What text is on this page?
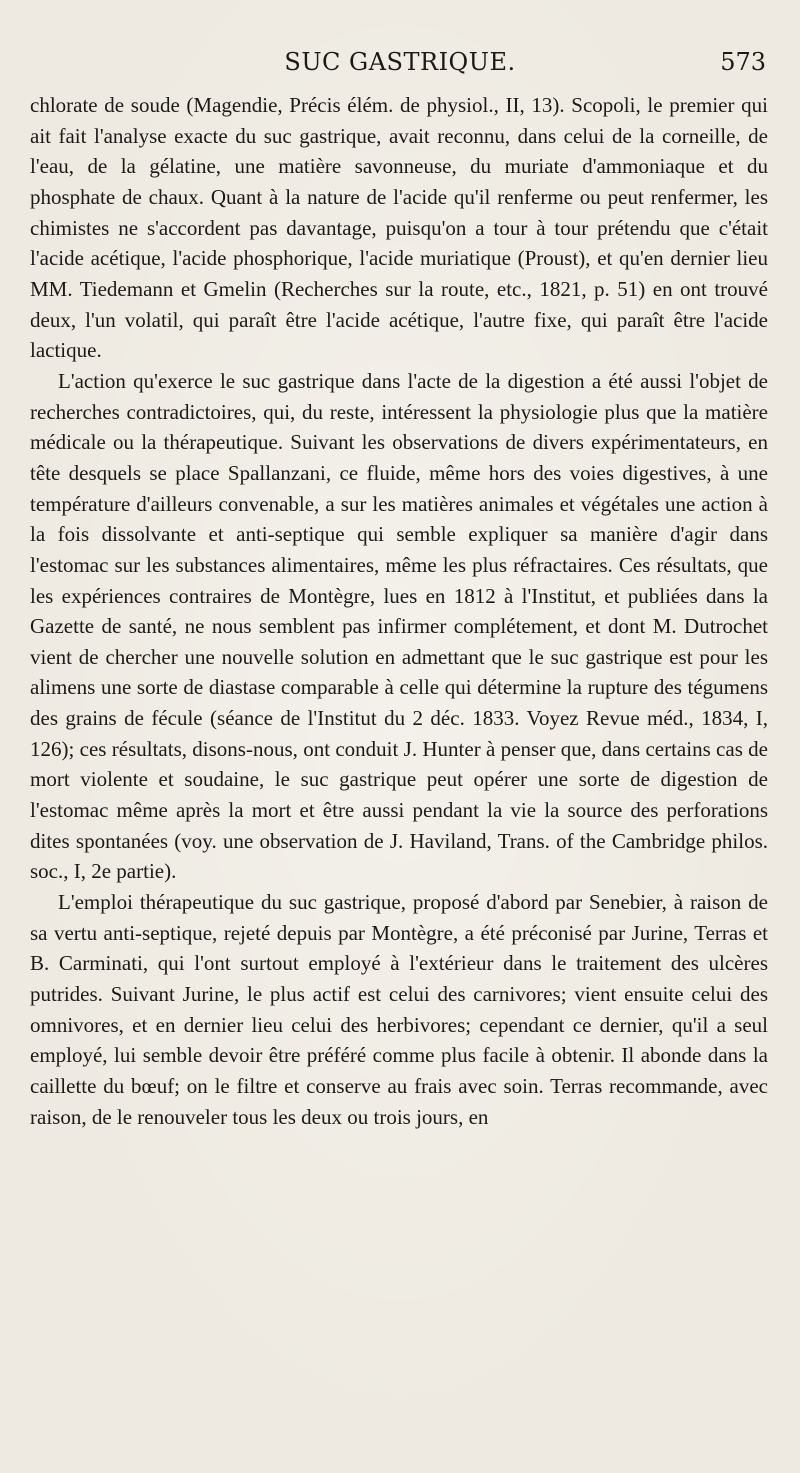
SUC GASTRIQUE.	573

chlorate de soude (Magendie, Précis élém. de physiol., II, 13). Scopoli, le premier qui ait fait l'analyse exacte du suc gastrique, avait reconnu, dans celui de la corneille, de l'eau, de la gélatine, une matière savonneuse, du muriate d'ammoniaque et du phosphate de chaux. Quant à la nature de l'acide qu'il renferme ou peut renfermer, les chimistes ne s'accordent pas davantage, puisqu'on a tour à tour prétendu que c'était l'acide acétique, l'acide phosphorique, l'acide muriatique (Proust), et qu'en dernier lieu MM. Tiedemann et Gmelin (Recherches sur la route, etc., 1821, p. 51) en ont trouvé deux, l'un volatil, qui paraît être l'acide acétique, l'autre fixe, qui paraît être l'acide lactique.

L'action qu'exerce le suc gastrique dans l'acte de la digestion a été aussi l'objet de recherches contradictoires, qui, du reste, intéressent la physiologie plus que la matière médicale ou la thérapeutique. Suivant les observations de divers expérimentateurs, en tête desquels se place Spallanzani, ce fluide, même hors des voies digestives, à une température d'ailleurs convenable, a sur les matières animales et végétales une action à la fois dissolvante et anti-septique qui semble expliquer sa manière d'agir dans l'estomac sur les substances alimentaires, même les plus réfractaires. Ces résultats, que les expériences contraires de Montègre, lues en 1812 à l'Institut, et publiées dans la Gazette de santé, ne nous semblent pas infirmer complétement, et dont M. Dutrochet vient de chercher une nouvelle solution en admettant que le suc gastrique est pour les alimens une sorte de diastase comparable à celle qui détermine la rupture des tégumens des grains de fécule (séance de l'Institut du 2 déc. 1833. Voyez Revue méd., 1834, I, 126); ces résultats, disons-nous, ont conduit J. Hunter à penser que, dans certains cas de mort violente et soudaine, le suc gastrique peut opérer une sorte de digestion de l'estomac même après la mort et être aussi pendant la vie la source des perforations dites spontanées (voy. une observation de J. Haviland, Trans. of the Cambridge philos. soc., I, 2e partie).

L'emploi thérapeutique du suc gastrique, proposé d'abord par Senebier, à raison de sa vertu anti-septique, rejeté depuis par Montègre, a été préconisé par Jurine, Terras et B. Carminati, qui l'ont surtout employé à l'extérieur dans le traitement des ulcères putrides. Suivant Jurine, le plus actif est celui des carnivores; vient ensuite celui des omnivores, et en dernier lieu celui des herbivores; cependant ce dernier, qu'il a seul employé, lui semble devoir être préféré comme plus facile à obtenir. Il abonde dans la caillette du bœuf; on le filtre et conserve au frais avec soin. Terras recommande, avec raison, de le renouveler tous les deux ou trois jours, en
